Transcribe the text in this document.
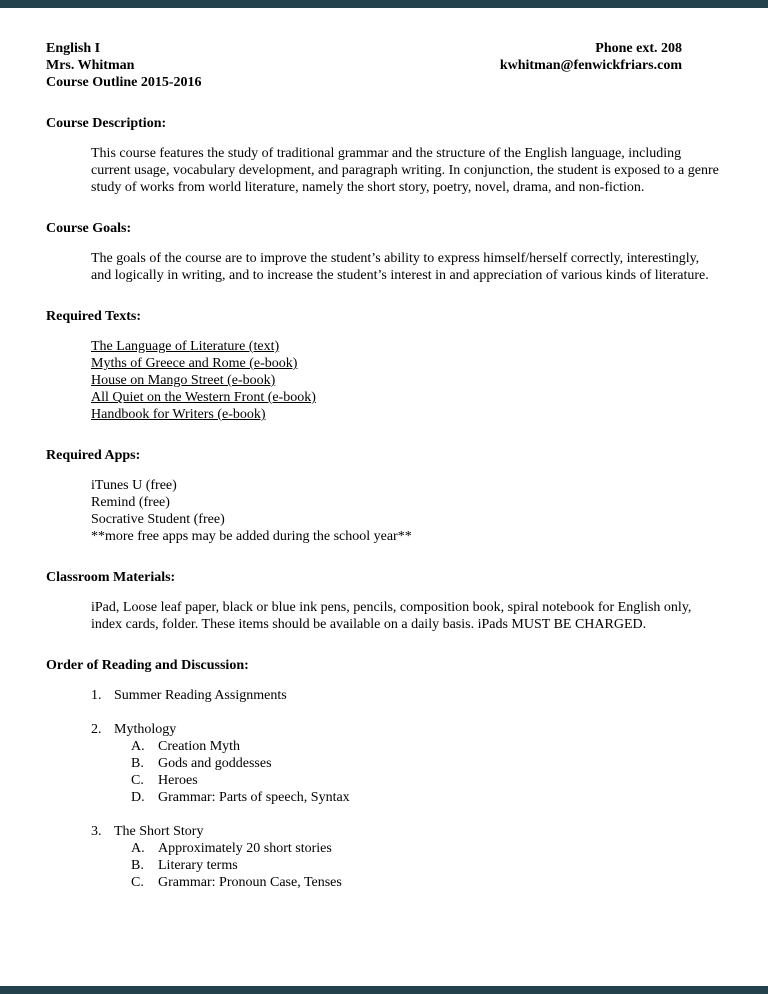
English I
Mrs. Whitman
Course Outline 2015-2016
Phone ext. 208
kwhitman@fenwickfriars.com
Course Description:
This course features the study of traditional grammar and the structure of the English language, including current usage, vocabulary development, and paragraph writing. In conjunction, the student is exposed to a genre study of works from world literature, namely the short story, poetry, novel, drama, and non-fiction.
Course Goals:
The goals of the course are to improve the student’s ability to express himself/herself correctly, interestingly, and logically in writing, and to increase the student’s interest in and appreciation of various kinds of literature.
Required Texts:
The Language of Literature (text)
Myths of Greece and Rome (e-book)
House on Mango Street (e-book)
All Quiet on the Western Front (e-book)
Handbook for Writers (e-book)
Required Apps:
iTunes U (free)
Remind (free)
Socrative Student (free)
**more free apps may be added during the school year**
Classroom Materials:
iPad, Loose leaf paper, black or blue ink pens, pencils, composition book, spiral notebook for English only, index cards, folder. These items should be available on a daily basis. iPads MUST BE CHARGED.
Order of Reading and Discussion:
1. Summer Reading Assignments
2. Mythology
A. Creation Myth
B.	Gods and goddesses
C.	Heroes
D. Grammar: Parts of speech, Syntax
3. The Short Story
A. Approximately 20 short stories
B.	Literary terms
C.	Grammar: Pronoun Case, Tenses
